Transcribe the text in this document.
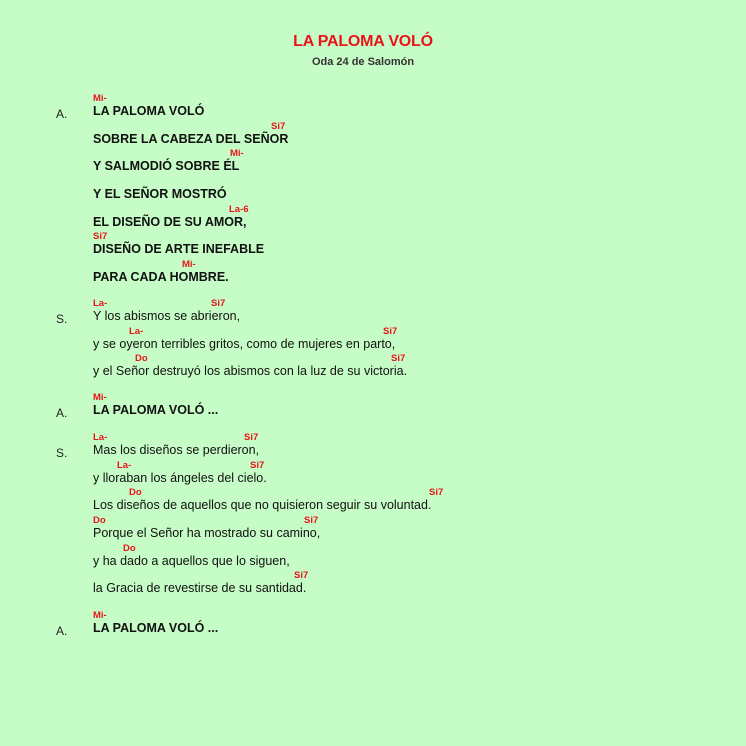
LA PALOMA VOLÓ
Oda 24 de Salomón
A.
Mi-
LA PALOMA VOLÓ
Si7
SOBRE LA CABEZA DEL SEÑOR
Mi-
Y SALMODIÓ SOBRE ÉL
Y EL SEÑOR MOSTRÓ
La-6
EL DISEÑO DE SU AMOR,
Si7
DISEÑO DE ARTE INEFABLE
Mi-
PARA CADA HOMBRE.
S.
La-	Si7
Y los abismos se abrieron,
La-	Si7
y se oyeron terribles gritos, como de mujeres en parto,
Do	Si7
y el Señor destruyó los abismos con la luz de su victoria.
A.
Mi-
LA PALOMA VOLÓ ...
S.
La-	Si7
Mas los diseños se perdieron,
La-	Si7
y lloraban los ángeles del cielo.
Do	Si7
Los diseños de aquellos que no quisieron seguir su voluntad.
Do	Si7
Porque el Señor ha mostrado su camino,
Do
y ha dado a aquellos que lo siguen,
Si7
la Gracia de revestirse de su santidad.
A.
Mi-
LA PALOMA VOLÓ ...
